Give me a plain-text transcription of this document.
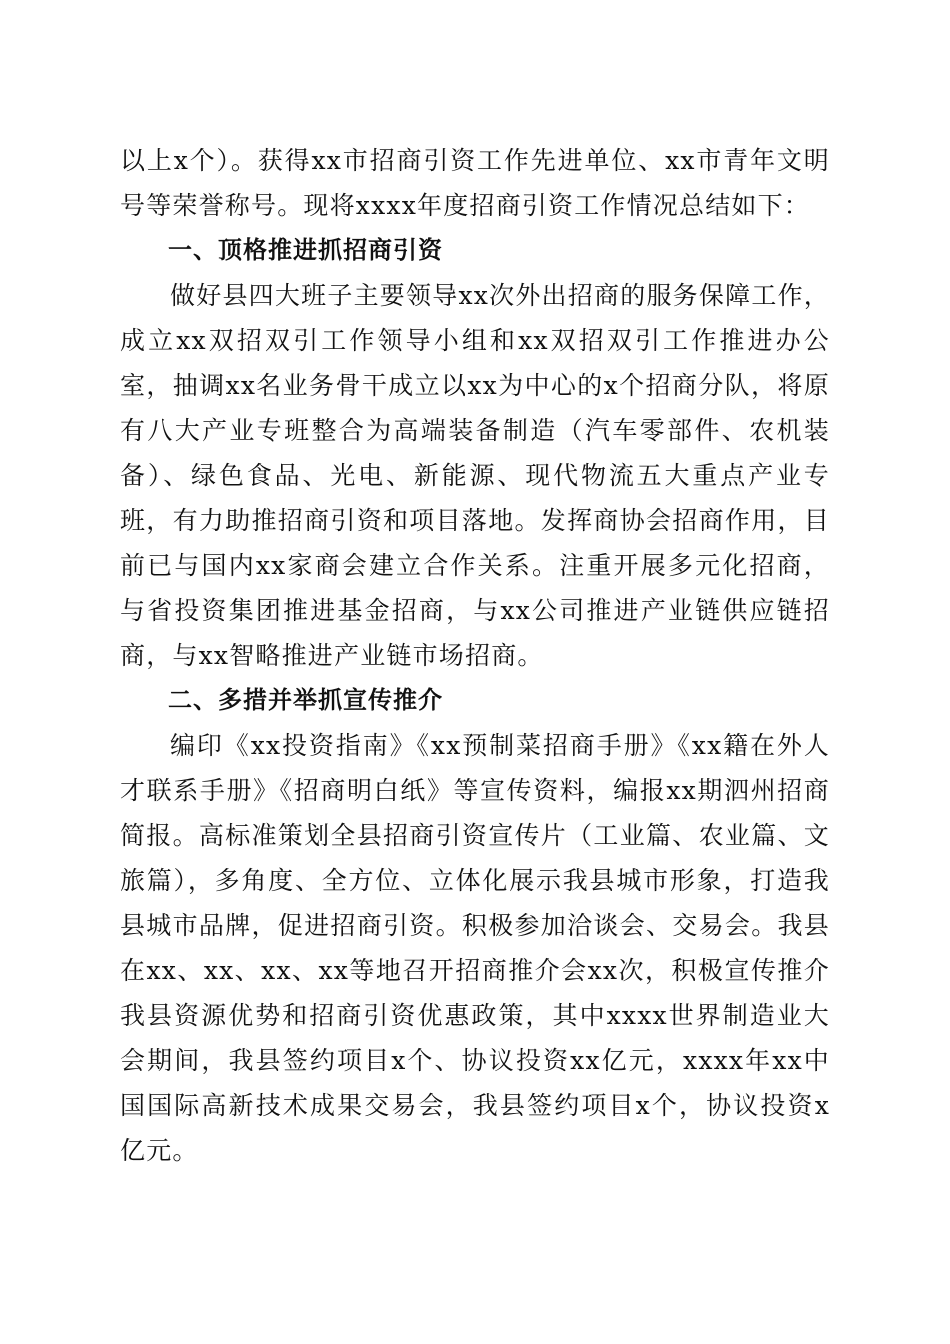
以上x个）。获得xx市招商引资工作先进单位、xx市青年文明号等荣誉称号。现将xxxx年度招商引资工作情况总结如下：

一、顶格推进抓招商引资

做好县四大班子主要领导xx次外出招商的服务保障工作，成立xx双招双引工作领导小组和xx双招双引工作推进办公室，抽调xx名业务骨干成立以xx为中心的x个招商分队，将原有八大产业专班整合为高端装备制造（汽车零部件、农机装备）、绿色食品、光电、新能源、现代物流五大重点产业专班，有力助推招商引资和项目落地。发挥商协会招商作用，目前已与国内xx家商会建立合作关系。注重开展多元化招商，与省投资集团推进基金招商，与xx公司推进产业链供应链招商，与xx智略推进产业链市场招商。

二、多措并举抓宣传推介

编印《xx投资指南》《xx预制菜招商手册》《xx籍在外人才联系手册》《招商明白纸》等宣传资料，编报xx期泗州招商简报。高标准策划全县招商引资宣传片（工业篇、农业篇、文旅篇），多角度、全方位、立体化展示我县城市形象，打造我县城市品牌，促进招商引资。积极参加洽谈会、交易会。我县在xx、xx、xx、xx等地召开招商推介会xx次，积极宣传推介我县资源优势和招商引资优惠政策，其中xxxx世界制造业大会期间，我县签约项目x个、协议投资xx亿元，xxxx年xx中国国际高新技术成果交易会，我县签约项目x个，协议投资x亿元。
